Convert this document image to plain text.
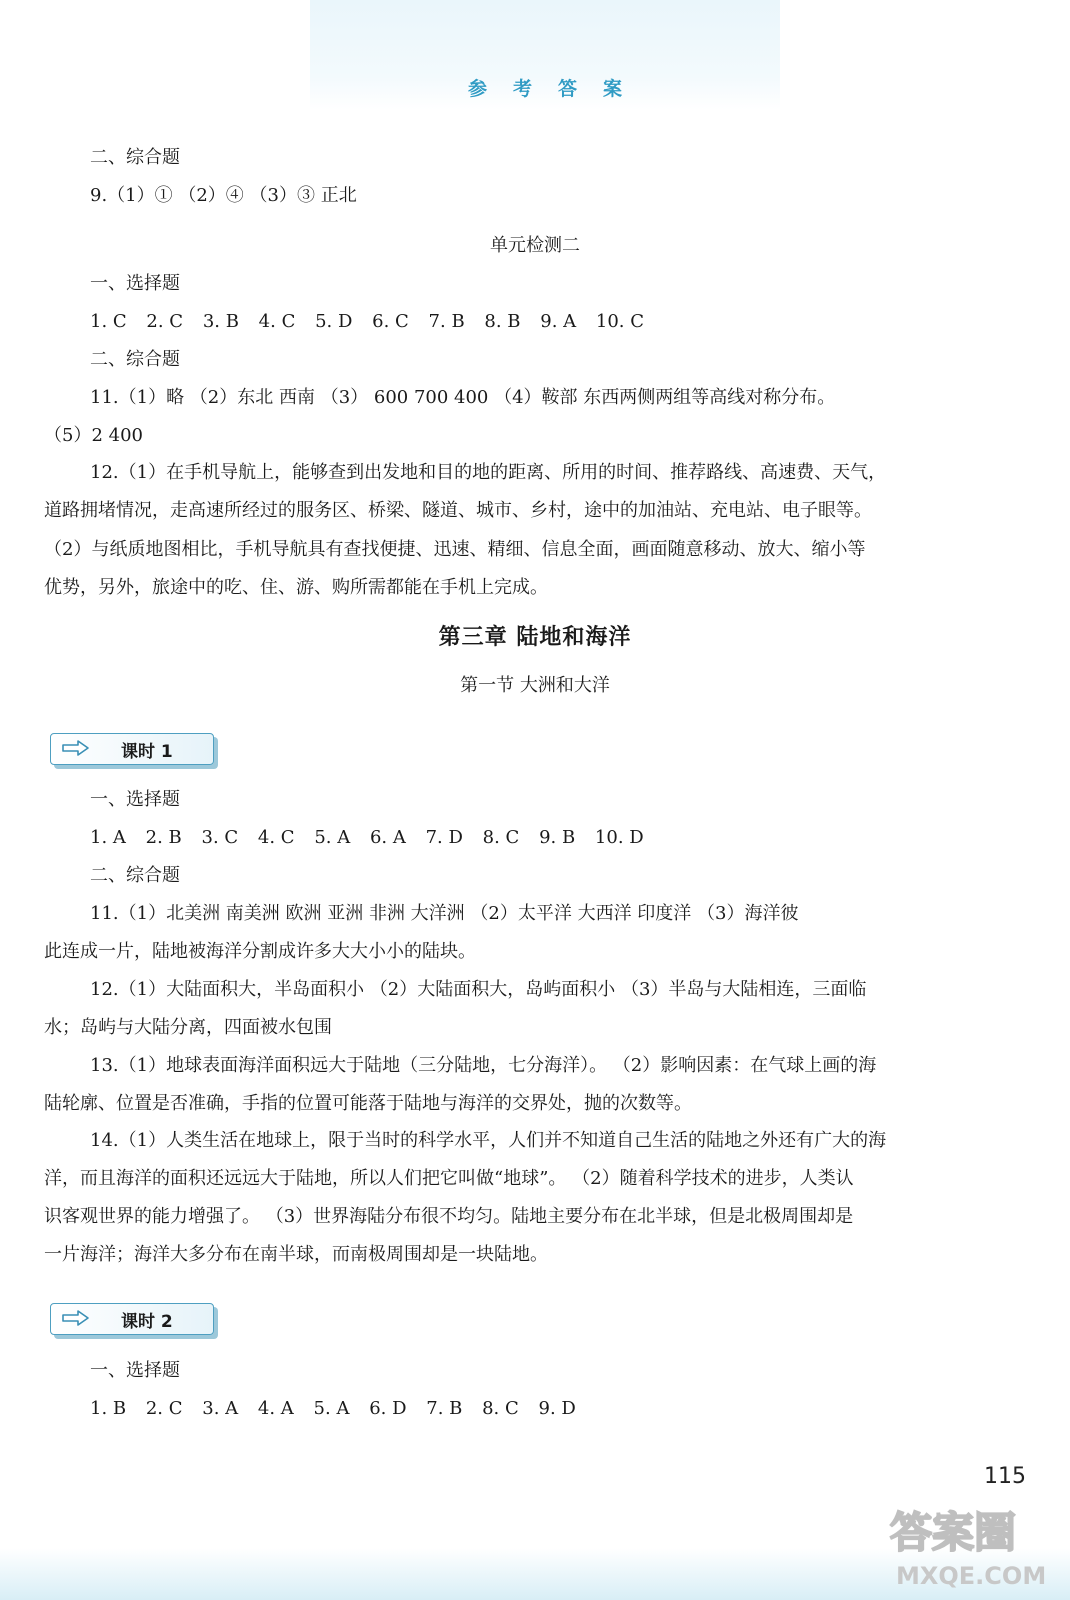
参考答案
二、综合题
9.（1）① （2）④ （3）③ 正北
单元检测二
一、选择题
1. C 2. C 3. B 4. C 5. D 6. C 7. B 8. B 9. A 10. C
二、综合题
11.（1）略 （2）东北 西南 （3） 600 700 400 （4）鞍部 东西两侧两组等高线对称分布。
（5）2 400
12.（1）在手机导航上，能够查到出发地和目的地的距离、所用的时间、推荐路线、高速费、天气，
道路拥堵情况，走高速所经过的服务区、桥梁、隧道、城市、乡村，途中的加油站、充电站、电子眼等。
（2）与纸质地图相比，手机导航具有查找便捷、迅速、精细、信息全面，画面随意移动、放大、缩小等
优势，另外，旅途中的吃、住、游、购所需都能在手机上完成。
第三章 陆地和海洋
第一节 大洲和大洋
课时 1
一、选择题
1. A 2. B 3. C 4. C 5. A 6. A 7. D 8. C 9. B 10. D
二、综合题
11.（1）北美洲 南美洲 欧洲 亚洲 非洲 大洋洲 （2）太平洋 大西洋 印度洋 （3）海洋彼
此连成一片，陆地被海洋分割成许多大大小小的陆块。
12.（1）大陆面积大，半岛面积小 （2）大陆面积大，岛屿面积小 （3）半岛与大陆相连，三面临
水；岛屿与大陆分离，四面被水包围
13.（1）地球表面海洋面积远大于陆地（三分陆地，七分海洋）。 （2）影响因素：在气球上画的海
陆轮廓、位置是否准确，手指的位置可能落于陆地与海洋的交界处，抛的次数等。
14.（1）人类生活在地球上，限于当时的科学水平，人们并不知道自己生活的陆地之外还有广大的海
洋，而且海洋的面积还远远大于陆地，所以人们把它叫做“地球”。 （2）随着科学技术的进步，人类认
识客观世界的能力增强了。 （3）世界海陆分布很不均匀。陆地主要分布在北半球，但是北极周围却是
一片海洋；海洋大多分布在南半球，而南极周围却是一块陆地。
课时 2
一、选择题
1. B 2. C 3. A 4. A 5. A 6. D 7. B 8. C 9. D
115
答案圈
MXQE.COM
